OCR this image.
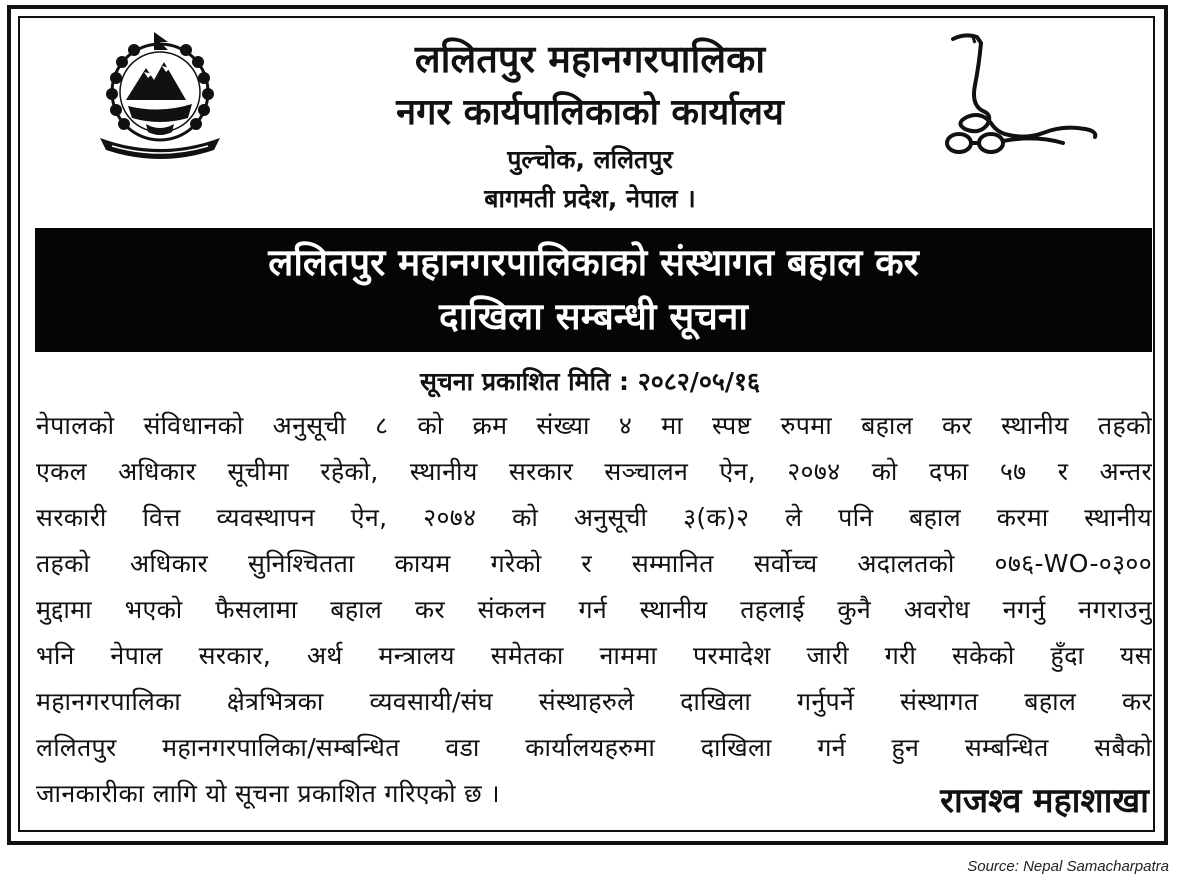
ललितपुर महानगरपालिका
नगर कार्यपालिकाको कार्यालय
पुल्चोक, ललितपुर
बागमती प्रदेश, नेपाल ।
ललितपुर महानगरपालिकाको संस्थागत बहाल कर
दाखिला सम्बन्धी सूचना
सूचना प्रकाशित मिति : २०८२/०५/१६
नेपालको संविधानको अनुसूची ८ को क्रम संख्या ४ मा स्पष्ट रुपमा बहाल कर स्थानीय तहको
एकल अधिकार सूचीमा रहेको, स्थानीय सरकार सञ्चालन ऐन, २०७४ को दफा ५७ र अन्तर
सरकारी वित्त व्यवस्थापन ऐन, २०७४ को अनुसूची ३(क)२ ले पनि बहाल करमा स्थानीय
तहको अधिकार सुनिश्चितता कायम गरेको र सम्मानित सर्वोच्च अदालतको ०७६-WO-०३००
मुद्दामा भएको फैसलामा बहाल कर संकलन गर्न स्थानीय तहलाई कुनै अवरोध नगर्नु नगराउनु
भनि नेपाल सरकार, अर्थ मन्त्रालय समेतका नाममा परमादेश जारी गरी सकेको हुँदा यस
महानगरपालिका क्षेत्रभित्रका व्यवसायी/संघ संस्थाहरुले दाखिला गर्नुपर्ने संस्थागत बहाल कर
ललितपुर महानगरपालिका/सम्बन्धित वडा कार्यालयहरुमा दाखिला गर्न हुन सम्बन्धित सबैको
जानकारीका लागि यो सूचना प्रकाशित गरिएको छ ।	राजश्व महाशाखा
Source: Nepal Samacharpatra
